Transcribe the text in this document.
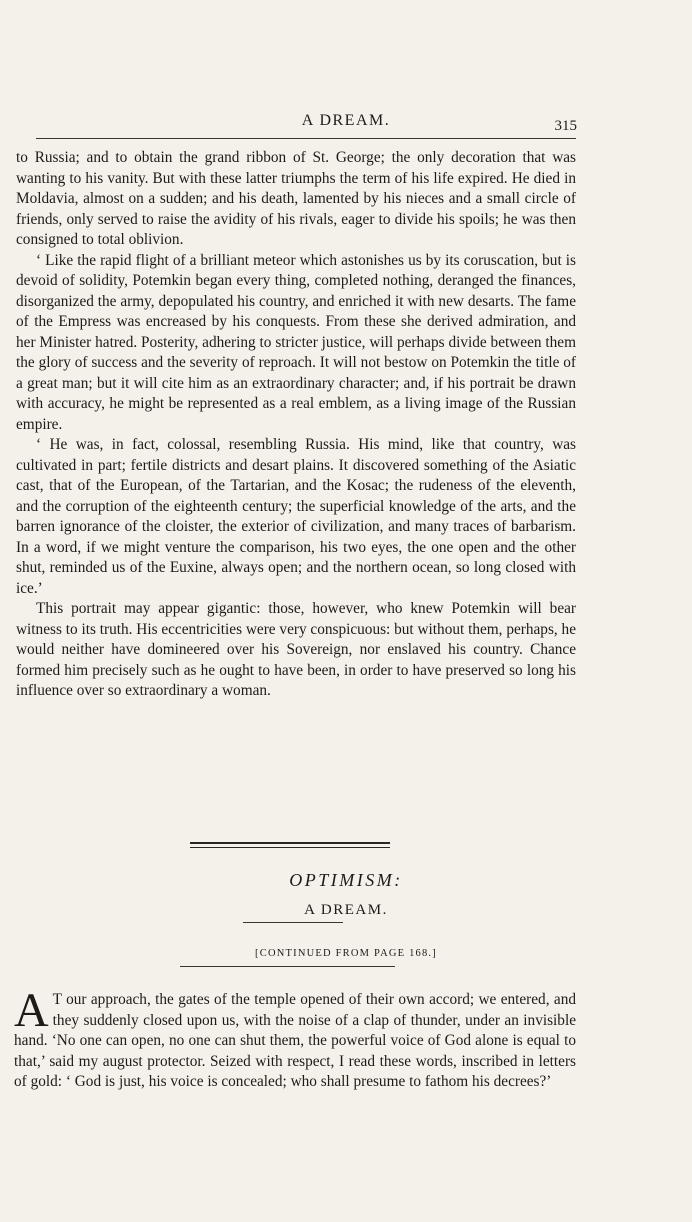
A DREAM.	315

to Russia; and to obtain the grand ribbon of St. George; the only decoration that was wanting to his vanity. But with these latter triumphs the term of his life expired. He died in Moldavia, almost on a sudden; and his death, lamented by his nieces and a small circle of friends, only served to raise the avidity of his rivals, eager to divide his spoils; he was then consigned to total oblivion.

‘ Like the rapid flight of a brilliant meteor which astonishes us by its coruscation, but is devoid of solidity, Potemkin began every thing, completed nothing, deranged the finances, disorganized the army, depopulated his country, and enriched it with new desarts. The fame of the Empress was encreased by his conquests. From these she derived admiration, and her Minister hatred. Posterity, adhering to stricter justice, will perhaps divide between them the glory of success and the severity of reproach. It will not bestow on Potemkin the title of a great man; but it will cite him as an extraordinary character; and, if his portrait be drawn with accuracy, he might be represented as a real emblem, as a living image of the Russian empire.

‘ He was, in fact, colossal, resembling Russia. His mind, like that country, was cultivated in part; fertile districts and desart plains. It discovered something of the Asiatic cast, that of the European, of the Tartarian, and the Kosac; the rudeness of the eleventh, and the corruption of the eighteenth century; the superficial knowledge of the arts, and the barren ignorance of the cloister, the exterior of civilization, and many traces of barbarism. In a word, if we might venture the comparison, his two eyes, the one open and the other shut, reminded us of the Euxine, always open; and the northern ocean, so long closed with ice.’

This portrait may appear gigantic: those, however, who knew Potemkin will bear witness to its truth. His eccentricities were very conspicuous: but without them, perhaps, he would neither have domineered over his Sovereign, nor enslaved his country. Chance formed him precisely such as he ought to have been, in order to have preserved so long his influence over so extraordinary a woman.

OPTIMISM:
A DREAM.
[CONTINUED FROM PAGE 168.]

A T our approach, the gates of the temple opened of their own accord; we entered, and they suddenly closed upon us, with the noise of a clap of thunder, under an invisible hand. ‘No one can open, no one can shut them, the powerful voice of God alone is equal to that,’ said my august protector. Seized with respect, I read these words, inscribed in letters of gold: ‘ God is just, his voice is concealed; who shall presume to fathom his decrees?’
